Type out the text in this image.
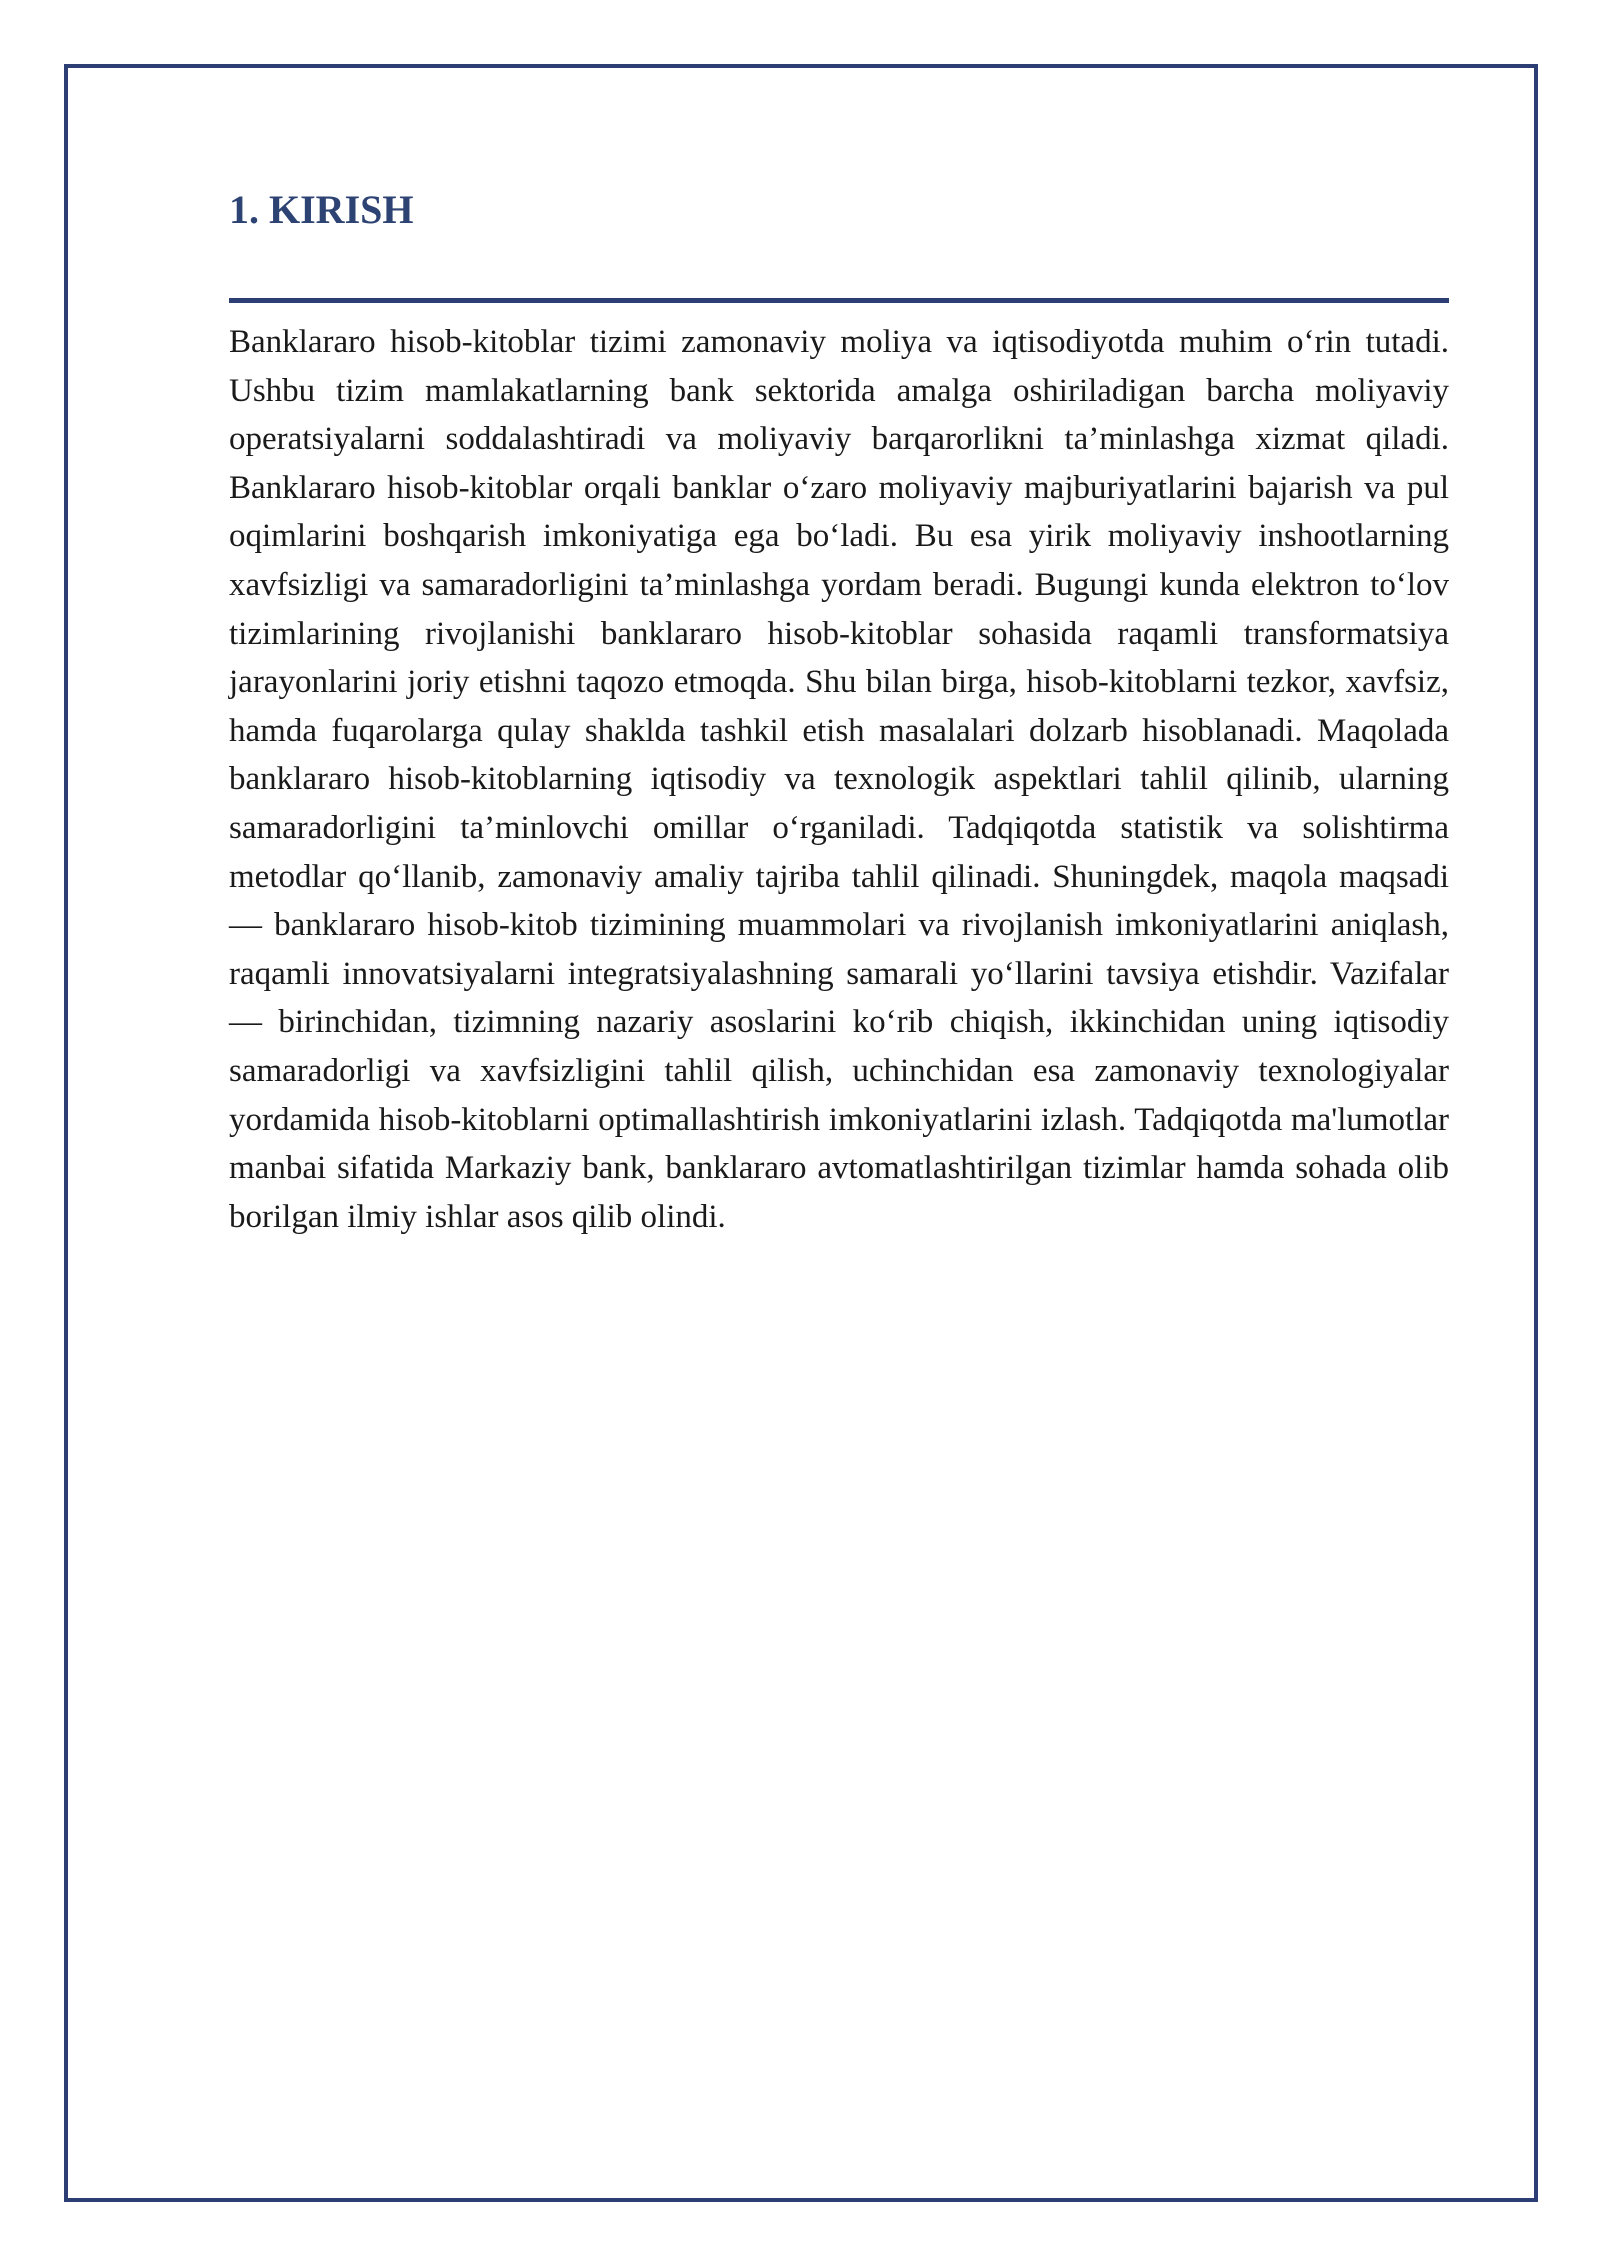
1. KIRISH

Banklararo hisob-kitoblar tizimi zamonaviy moliya va iqtisodiyotda muhim o‘rin tutadi. Ushbu tizim mamlakatlarning bank sektorida amalga oshiriladigan barcha moliyaviy operatsiyalarni soddalashtiradi va moliyaviy barqarorlikni ta’minlashga xizmat qiladi. Banklararo hisob-kitoblar orqali banklar o‘zaro moliyaviy majburiyatlarini bajarish va pul oqimlarini boshqarish imkoniyatiga ega bo‘ladi. Bu esa yirik moliyaviy inshootlarning xavfsizligi va samaradorligini ta’minlashga yordam beradi. Bugungi kunda elektron to‘lov tizimlarining rivojlanishi banklararo hisob-kitoblar sohasida raqamli transformatsiya jarayonlarini joriy etishni taqozo etmoqda. Shu bilan birga, hisob-kitoblarni tezkor, xavfsiz, hamda fuqarolarga qulay shaklda tashkil etish masalalari dolzarb hisoblanadi. Maqolada banklararo hisob-kitoblarning iqtisodiy va texnologik aspektlari tahlil qilinib, ularning samaradorligini ta’minlovchi omillar o‘rganiladi. Tadqiqotda statistik va solishtirma metodlar qo‘llanib, zamonaviy amaliy tajriba tahlil qilinadi. Shuningdek, maqola maqsadi — banklararo hisob-kitob tizimining muammolari va rivojlanish imkoniyatlarini aniqlash, raqamli innovatsiyalarni integratsiyalashning samarali yo‘llarini tavsiya etishdir. Vazifalar — birinchidan, tizimning nazariy asoslarini ko‘rib chiqish, ikkinchidan uning iqtisodiy samaradorligi va xavfsizligini tahlil qilish, uchinchidan esa zamonaviy texnologiyalar yordamida hisob-kitoblarni optimallashtirish imkoniyatlarini izlash. Tadqiqotda ma'lumotlar manbai sifatida Markaziy bank, banklararo avtomatlashtirilgan tizimlar hamda sohada olib borilgan ilmiy ishlar asos qilib olindi.
